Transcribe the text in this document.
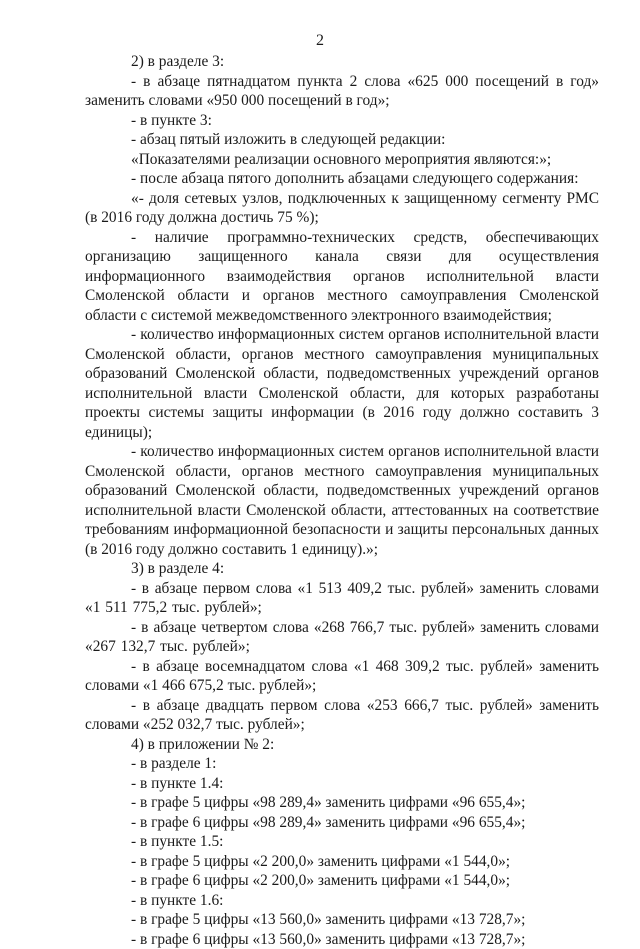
2

2) в разделе 3:

- в абзаце пятнадцатом пункта 2 слова «625 000 посещений в год» заменить словами «950 000 посещений в год»;

- в пункте 3:

- абзац пятый изложить в следующей редакции:

«Показателями реализации основного мероприятия являются:»;

- после абзаца пятого дополнить абзацами следующего содержания:

«- доля сетевых узлов, подключенных к защищенному сегменту РМС (в 2016 году должна достичь 75 %);

- наличие программно-технических средств, обеспечивающих организацию защищенного канала связи для осуществления информационного взаимодействия органов исполнительной власти Смоленской области и органов местного самоуправления Смоленской области с системой межведомственного электронного взаимодействия;

- количество информационных систем органов исполнительной власти Смоленской области, органов местного самоуправления муниципальных образований Смоленской области, подведомственных учреждений органов исполнительной власти Смоленской области, для которых разработаны проекты системы защиты информации (в 2016 году должно составить 3 единицы);

- количество информационных систем органов исполнительной власти Смоленской области, органов местного самоуправления муниципальных образований Смоленской области, подведомственных учреждений органов исполнительной власти Смоленской области, аттестованных на соответствие требованиям информационной безопасности и защиты персональных данных (в 2016 году должно составить 1 единицу).»;

3) в разделе 4:

- в абзаце первом слова «1 513 409,2 тыс. рублей» заменить словами «1 511 775,2 тыс. рублей»;

- в абзаце четвертом слова «268 766,7 тыс. рублей» заменить словами «267 132,7 тыс. рублей»;

- в абзаце восемнадцатом слова «1 468 309,2 тыс. рублей» заменить словами «1 466 675,2 тыс. рублей»;

- в абзаце двадцать первом слова «253 666,7 тыс. рублей» заменить словами «252 032,7 тыс. рублей»;

4) в приложении № 2:

- в разделе 1:

- в пункте 1.4:

- в графе 5 цифры «98 289,4» заменить цифрами «96 655,4»;

- в графе 6 цифры «98 289,4» заменить цифрами «96 655,4»;

- в пункте 1.5:

- в графе 5 цифры «2 200,0» заменить цифрами «1 544,0»;

- в графе 6 цифры «2 200,0» заменить цифрами «1 544,0»;

- в пункте 1.6:

- в графе 5 цифры «13 560,0» заменить цифрами «13 728,7»;

- в графе 6 цифры «13 560,0» заменить цифрами «13 728,7»;
